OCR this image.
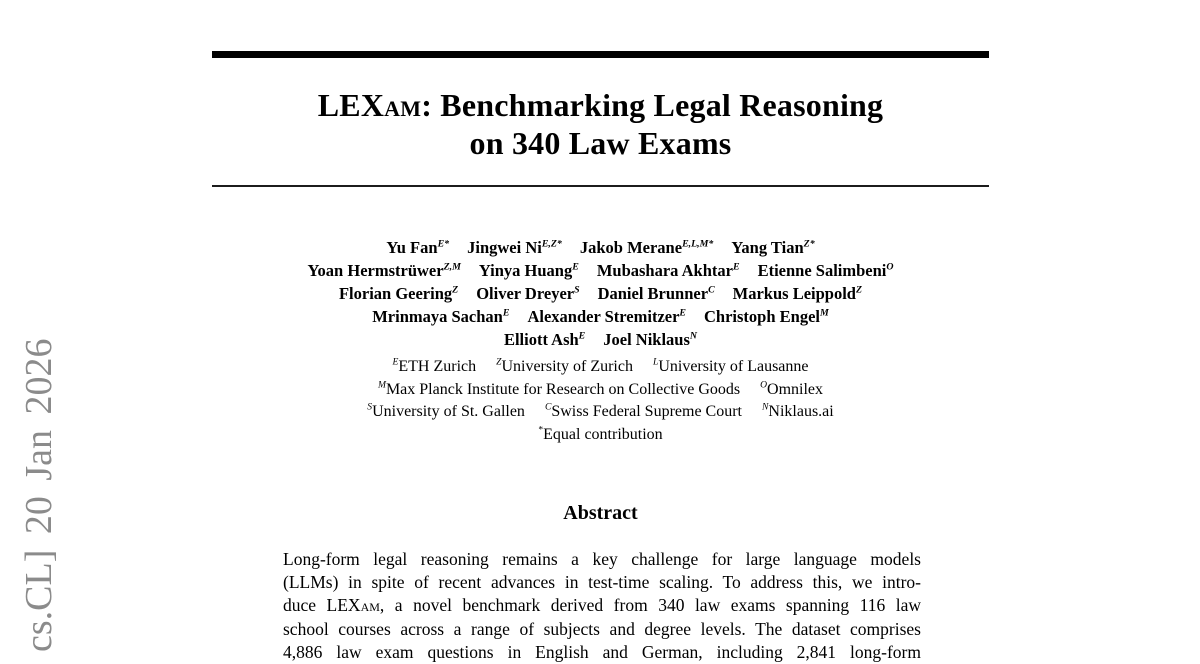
cs.CL] 20 Jan 2026
LEXam: Benchmarking Legal Reasoning
on 340 Law Exams
Yu Fan$^{E*}$ Jingwei $Ni^{E,Z*}$ Jakob Merane$^{E,L,M*}$ Yang Tian$^{Z*}$
Yoan Hermstrüwer$^{Z,M}$ Yinya Huang$^E$ Mubashara Akhtar$^E$ Etienne Salimbeni$^O$
Florian Geering$^Z$ Oliver Dreyer$^S$ Daniel Brunner$^C$ Markus Leippold$^Z$
Mrinmaya Sachan$^E$ Alexander Stremitzer$^E$ Christoph Engel$^M$
Elliott Ash$^E$ Joel Niklaus$^N$
$^E$ETH Zurich $^Z$University of Zurich $^L$University of Lausanne
$^M$Max Planck Institute for Research on Collective Goods $^O$Omnilex
$^S$University of St. Gallen $^C$Swiss Federal Supreme Court $^N$Niklaus.ai
*Equal contribution
Abstract
Long-form legal reasoning remains a key challenge for large language models
(LLMs) in spite of recent advances in test-time scaling. To address this, we intro-
duce LEXam, a novel benchmark derived from 340 law exams spanning 116 law
school courses across a range of subjects and degree levels. The dataset comprises
4,886 law exam questions in English and German, including 2,841 long-form
